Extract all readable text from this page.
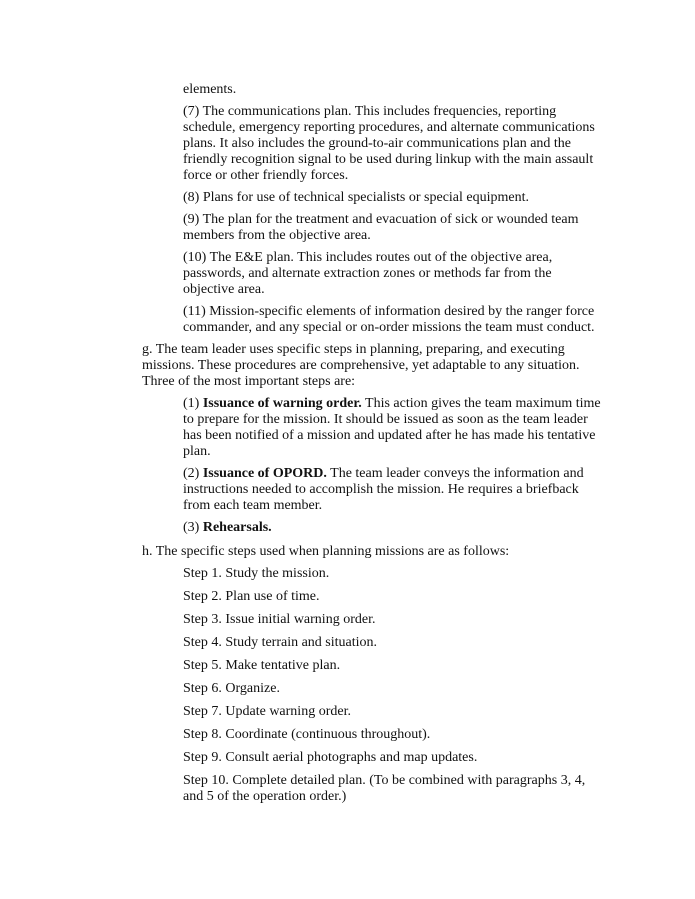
elements.
(7) The communications plan. This includes frequencies, reporting
schedule, emergency reporting procedures, and alternate communications
plans. It also includes the ground-to-air communications plan and the
friendly recognition signal to be used during linkup with the main assault
force or other friendly forces.
(8) Plans for use of technical specialists or special equipment.
(9) The plan for the treatment and evacuation of sick or wounded team
members from the objective area.
(10) The E&E plan. This includes routes out of the objective area,
passwords, and alternate extraction zones or methods far from the
objective area.
(11) Mission-specific elements of information desired by the ranger force
commander, and any special or on-order missions the team must conduct.
g. The team leader uses specific steps in planning, preparing, and executing
missions. These procedures are comprehensive, yet adaptable to any situation.
Three of the most important steps are:
(1) Issuance of warning order. This action gives the team maximum time
to prepare for the mission. It should be issued as soon as the team leader
has been notified of a mission and updated after he has made his tentative
plan.
(2) Issuance of OPORD. The team leader conveys the information and
instructions needed to accomplish the mission. He requires a briefback
from each team member.
(3) Rehearsals.
h. The specific steps used when planning missions are as follows:
Step 1. Study the mission.
Step 2. Plan use of time.
Step 3. Issue initial warning order.
Step 4. Study terrain and situation.
Step 5. Make tentative plan.
Step 6. Organize.
Step 7. Update warning order.
Step 8. Coordinate (continuous throughout).
Step 9. Consult aerial photographs and map updates.
Step 10. Complete detailed plan. (To be combined with paragraphs 3, 4,
and 5 of the operation order.)
